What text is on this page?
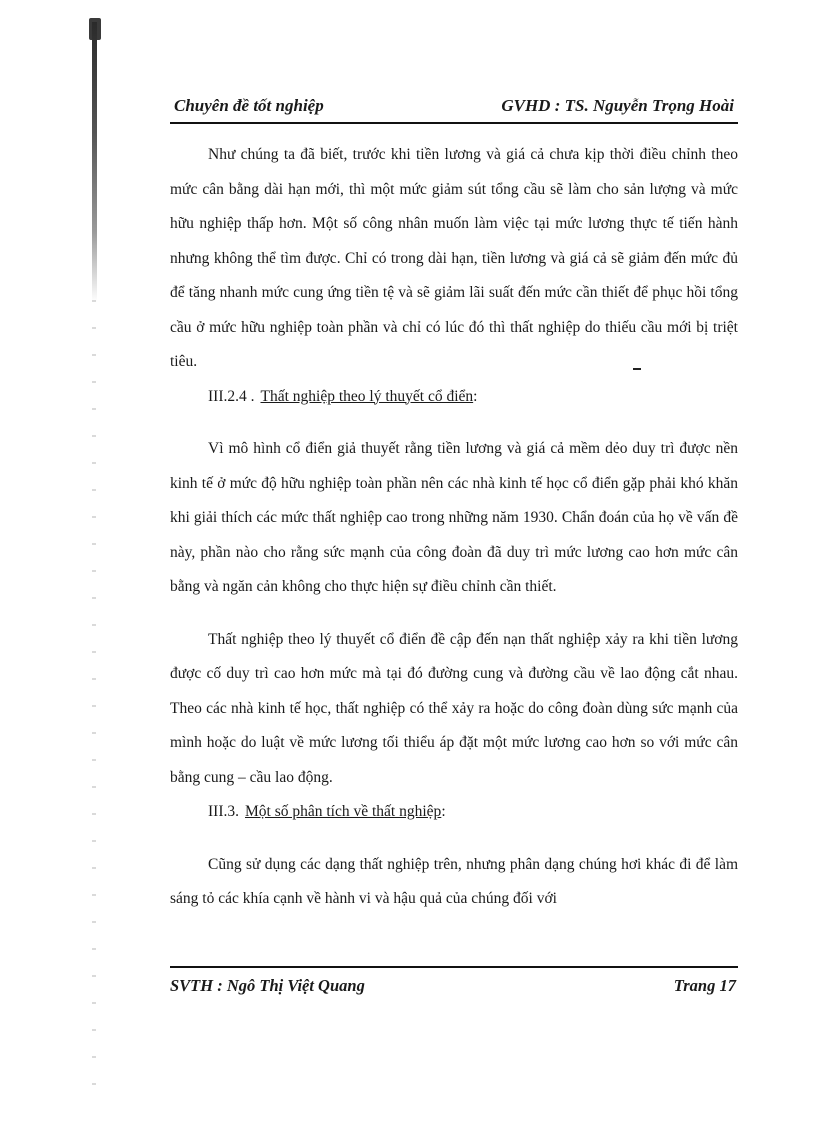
Chuyên đề tốt nghiệp	GVHD : TS. Nguyễn Trọng Hoài

Như chúng ta đã biết, trước khi tiền lương và giá cả chưa kịp thời điều chỉnh theo mức cân bằng dài hạn mới, thì một mức giảm sút tổng cầu sẽ làm cho sản lượng và mức hữu nghiệp thấp hơn. Một số công nhân muốn làm việc tại mức lương thực tế tiến hành nhưng không thể tìm được. Chỉ có trong dài hạn, tiền lương và giá cả sẽ giảm đến mức đủ để tăng nhanh mức cung ứng tiền tệ và sẽ giảm lãi suất đến mức cần thiết để phục hồi tổng cầu ở mức hữu nghiệp toàn phần và chỉ có lúc đó thì thất nghiệp do thiếu cầu mới bị triệt tiêu.

III.2.4 . Thất nghiệp theo lý thuyết cổ điển:

Vì mô hình cổ điển giả thuyết rằng tiền lương và giá cả mềm dẻo duy trì được nền kinh tế ở mức độ hữu nghiệp toàn phần nên các nhà kinh tế học cổ điển gặp phải khó khăn khi giải thích các mức thất nghiệp cao trong những năm 1930. Chẩn đoán của họ về vấn đề này, phần nào cho rằng sức mạnh của công đoàn đã duy trì mức lương cao hơn mức cân bằng và ngăn cản không cho thực hiện sự điều chỉnh cần thiết.

Thất nghiệp theo lý thuyết cổ điển đề cập đến nạn thất nghiệp xảy ra khi tiền lương được cố duy trì cao hơn mức mà tại đó đường cung và đường cầu về lao động cắt nhau. Theo các nhà kinh tế học, thất nghiệp có thể xảy ra hoặc do công đoàn dùng sức mạnh của mình hoặc do luật về mức lương tối thiểu áp đặt một mức lương cao hơn so với mức cân bằng cung – cầu lao động.

III.3. Một số phân tích về thất nghiệp:

Cũng sử dụng các dạng thất nghiệp trên, nhưng phân dạng chúng hơi khác đi để làm sáng tỏ các khía cạnh về hành vi và hậu quả của chúng đối với

SVTH : Ngô Thị Việt Quang	Trang 17
